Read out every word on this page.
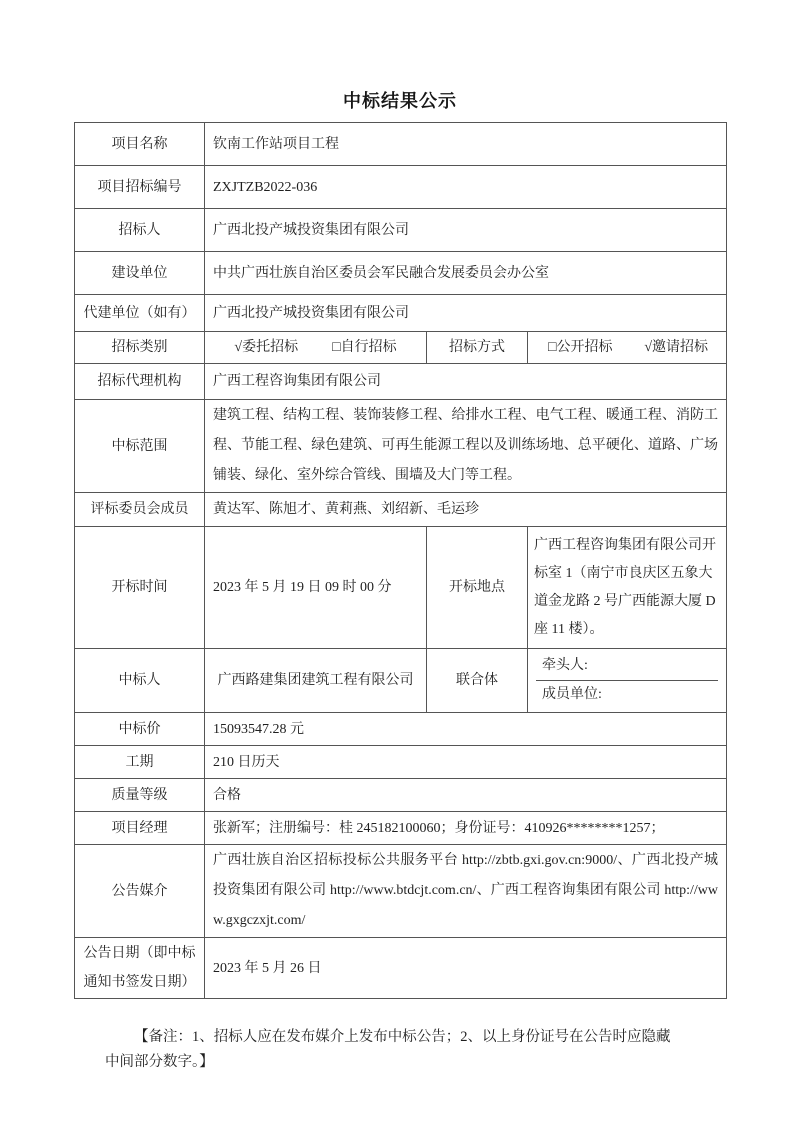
中标结果公示
项目名称	钦南工作站项目工程		
项目招标编号	ZXJTZB2022-036		
招标人	广西北投产城投资集团有限公司		
建设单位	中共广西壮族自治区委员会军民融合发展委员会办公室		
代建单位（如有）	广西北投产城投资集团有限公司		
招标类别	√委托招标 □自行招标	招标方式	□公开招标 √邀请招标

招标代理机构	广西工程咨询集团有限公司		
中标范围	建筑工程、结构工程、装饰装修工程、给排水工程、电气工程、暖通工程、消防工程、节能工程、绿色建筑、可再生能源工程以及训练场地、总平硬化、道路、广场铺装、绿化、室外综合管线、围墙及大门等工程。		
评标委员会成员	黄达军、陈旭才、黄莉燕、刘绍新、毛运珍		
开标时间	2023 年 5 月 19 日 09 时 00 分	开标地点	广西工程咨询集团有限公司开标室 1（南宁市良庆区五象大道金龙路 2 号广西能源大厦 D 座 11 楼）。
中标人	广西路建集团建筑工程有限公司	联合体	牵头人:
成员单位:

中标价	15093547.28 元		
工期	210 日历天		
质量等级	合格		
项目经理	张新军；注册编号：桂 245182100060；身份证号：410926********1257；		
公告媒介	广西壮族自治区招标投标公共服务平台 http://zbtb.gxi.gov.cn:9000/、广西北投产城投资集团有限公司 http://www.btdcjt.com.cn/、广西工程咨询集团有限公司 http://www.gxgczxjt.com/		
公告日期（即中标通知书签发日期）	2023 年 5 月 26 日		
【备注：1、招标人应在发布媒介上发布中标公告；2、以上身份证号在公告时应隐藏中间部分数字。】
